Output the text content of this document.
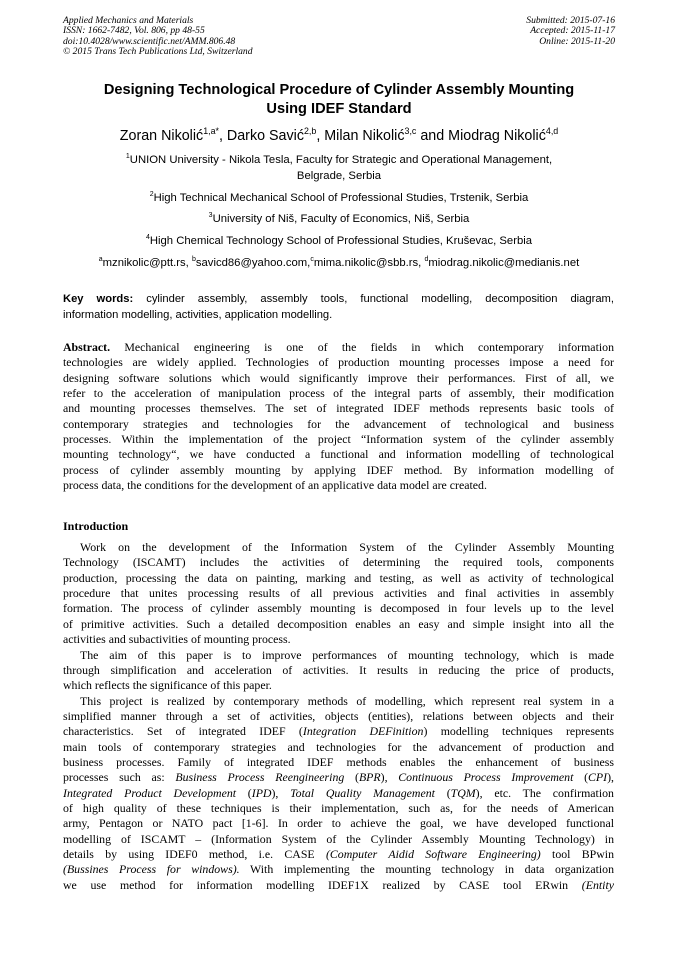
Applied Mechanics and Materials
ISSN: 1662-7482, Vol. 806, pp 48-55
doi:10.4028/www.scientific.net/AMM.806.48
© 2015 Trans Tech Publications Ltd, Switzerland
Submitted: 2015-07-16
Accepted: 2015-11-17
Online: 2015-11-20
Designing Technological Procedure of Cylinder Assembly Mounting
Using IDEF Standard
Zoran Nikolić$^{1,a*}$, Darko Savić$^{2,b}$, Milan Nikolić$^{3,c}$ and Miodrag Nikolić$^{4,d}$
$^1$UNION University - Nikola Tesla, Faculty for Strategic and Operational Management,
Belgrade, Serbia
$^2$High Technical Mechanical School of Professional Studies, Trstenik, Serbia
$^3$University of Niš, Faculty of Economics, Niš, Serbia
$^4$High Chemical Technology School of Professional Studies, Kruševac, Serbia
$^a$mznikolic@ptt.rs, $^b$savicd86@yahoo.com,$^c$mima.nikolic@sbb.rs, $^d$miodrag.nikolic@medianis.net
Key words: cylinder assembly, assembly tools, functional modelling, decomposition diagram,
information modelling, activities, application modelling.
Abstract. Mechanical engineering is one of the fields in which contemporary information
technologies are widely applied. Technologies of production mounting processes impose a need for
designing software solutions which would significantly improve their performances. First of all, we
refer to the acceleration of manipulation process of the integral parts of assembly, their modification
and mounting processes themselves. The set of integrated IDEF methods represents basic tools of
contemporary strategies and technologies for the advancement of technological and business
processes. Within the implementation of the project “Information system of the cylinder assembly
mounting technology“, we have conducted a functional and information modelling of technological
process of cylinder assembly mounting by applying IDEF method. By information modelling of
process data, the conditions for the development of an applicative data model are created.
Introduction
Work on the development of the Information System of the Cylinder Assembly Mounting
Technology (ISCAMT) includes the activities of determining the required tools, components
production, processing the data on painting, marking and testing, as well as activity of technological
procedure that unites processing results of all previous activities and final activities in assembly
formation. The process of cylinder assembly mounting is decomposed in four levels up to the level
of primitive activities. Such a detailed decomposition enables an easy and simple insight into all the
activities and subactivities of mounting process.
The aim of this paper is to improve performances of mounting technology, which is made
through simplification and acceleration of activities. It results in reducing the price of products,
which reflects the significance of this paper.
This project is realized by contemporary methods of modelling, which represent real system in a
simplified manner through a set of activities, objects (entities), relations between objects and their
characteristics. Set of integrated IDEF (Integration DEFinition) modelling techniques represents
main tools of contemporary strategies and technologies for the advancement of production and
business processes. Family of integrated IDEF methods enables the enhancement of business
processes such as: Business Process Reengineering (BPR), Continuous Process Improvement (CPI),
Integrated Product Development (IPD), Total Quality Management (TQM), etc. The confirmation
of high quality of these techniques is their implementation, such as, for the needs of American
army, Pentagon or NATO pact [1-6]. In order to achieve the goal, we have developed functional
modelling of ISCAMT – (Information System of the Cylinder Assembly Mounting Technology) in
details by using IDEF0 method, i.e. CASE (Computer Aidid Software Engineering) tool BPwin
(Bussines Process for windows). With implementing the mounting technology in data organization
we use method for information modelling IDEF1X realized by CASE tool ERwin (Entity
